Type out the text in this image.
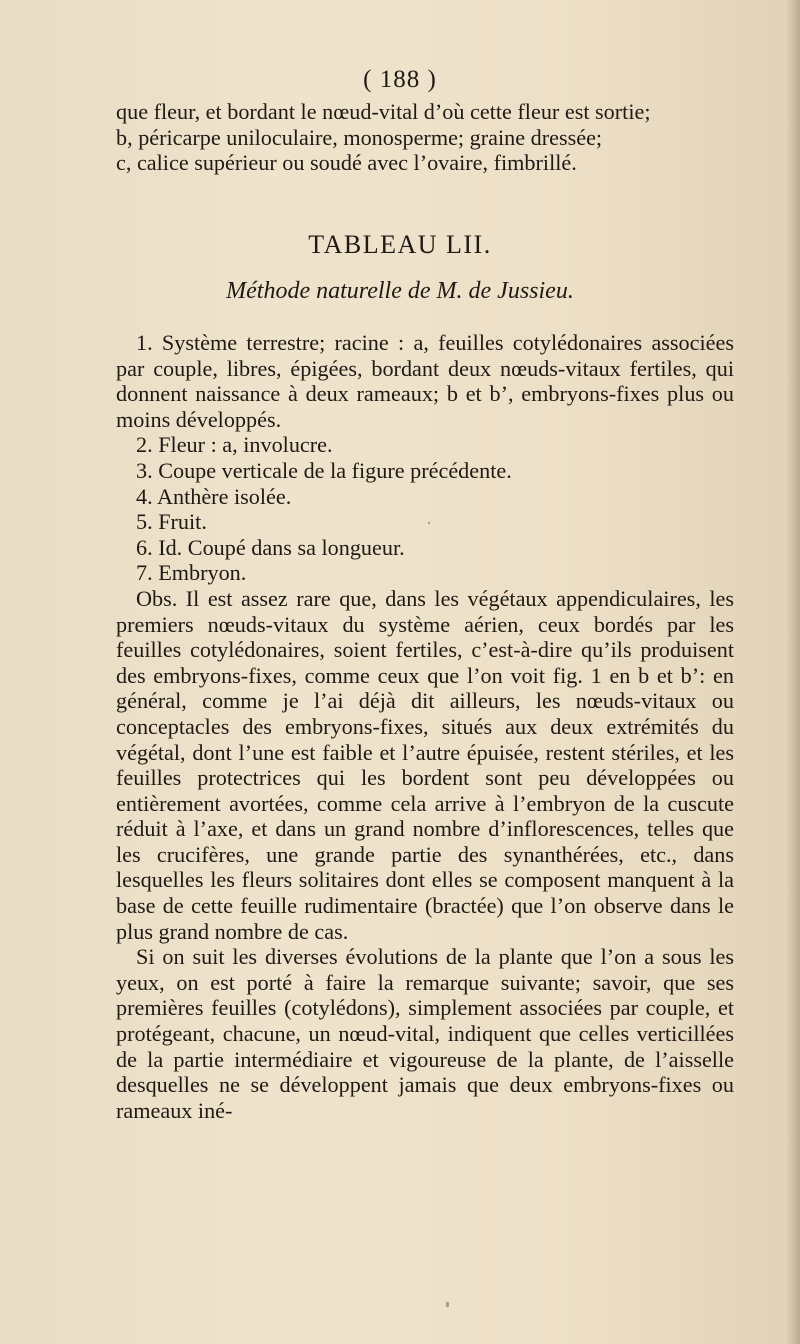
( 188 )

que fleur, et bordant le nœud-vital d’où cette fleur est sortie;

b, péricarpe uniloculaire, monosperme; graine dressée;

c, calice supérieur ou soudé avec l’ovaire, fimbrillé.

TABLEAU LII.
Méthode naturelle de M. de Jussieu.

1. Système terrestre; racine : a, feuilles cotylédonaires associées par couple, libres, épigées, bordant deux nœuds-vitaux fertiles, qui donnent naissance à deux rameaux; b et b’, embryons-fixes plus ou moins développés.

2. Fleur : a, involucre.

3. Coupe verticale de la figure précédente.

4. Anthère isolée.

5. Fruit.

6. Id. Coupé dans sa longueur.

7. Embryon.

Obs. Il est assez rare que, dans les végétaux appendiculaires, les premiers nœuds-vitaux du système aérien, ceux bordés par les feuilles cotylédonaires, soient fertiles, c’est-à-dire qu’ils produisent des embryons-fixes, comme ceux que l’on voit fig. 1 en b et b’: en général, comme je l’ai déjà dit ailleurs, les nœuds-vitaux ou conceptacles des embryons-fixes, situés aux deux extrémités du végétal, dont l’une est faible et l’autre épuisée, restent stériles, et les feuilles protectrices qui les bordent sont peu développées ou entièrement avortées, comme cela arrive à l’embryon de la cuscute réduit à l’axe, et dans un grand nombre d’inflorescences, telles que les crucifères, une grande partie des synanthérées, etc., dans lesquelles les fleurs solitaires dont elles se composent manquent à la base de cette feuille rudimentaire (bractée) que l’on observe dans le plus grand nombre de cas.

Si on suit les diverses évolutions de la plante que l’on a sous les yeux, on est porté à faire la remarque suivante; savoir, que ses premières feuilles (cotylédons), simplement associées par couple, et protégeant, chacune, un nœud-vital, indiquent que celles verticillées de la partie intermédiaire et vigoureuse de la plante, de l’aisselle desquelles ne se développent jamais que deux embryons-fixes ou rameaux iné-
